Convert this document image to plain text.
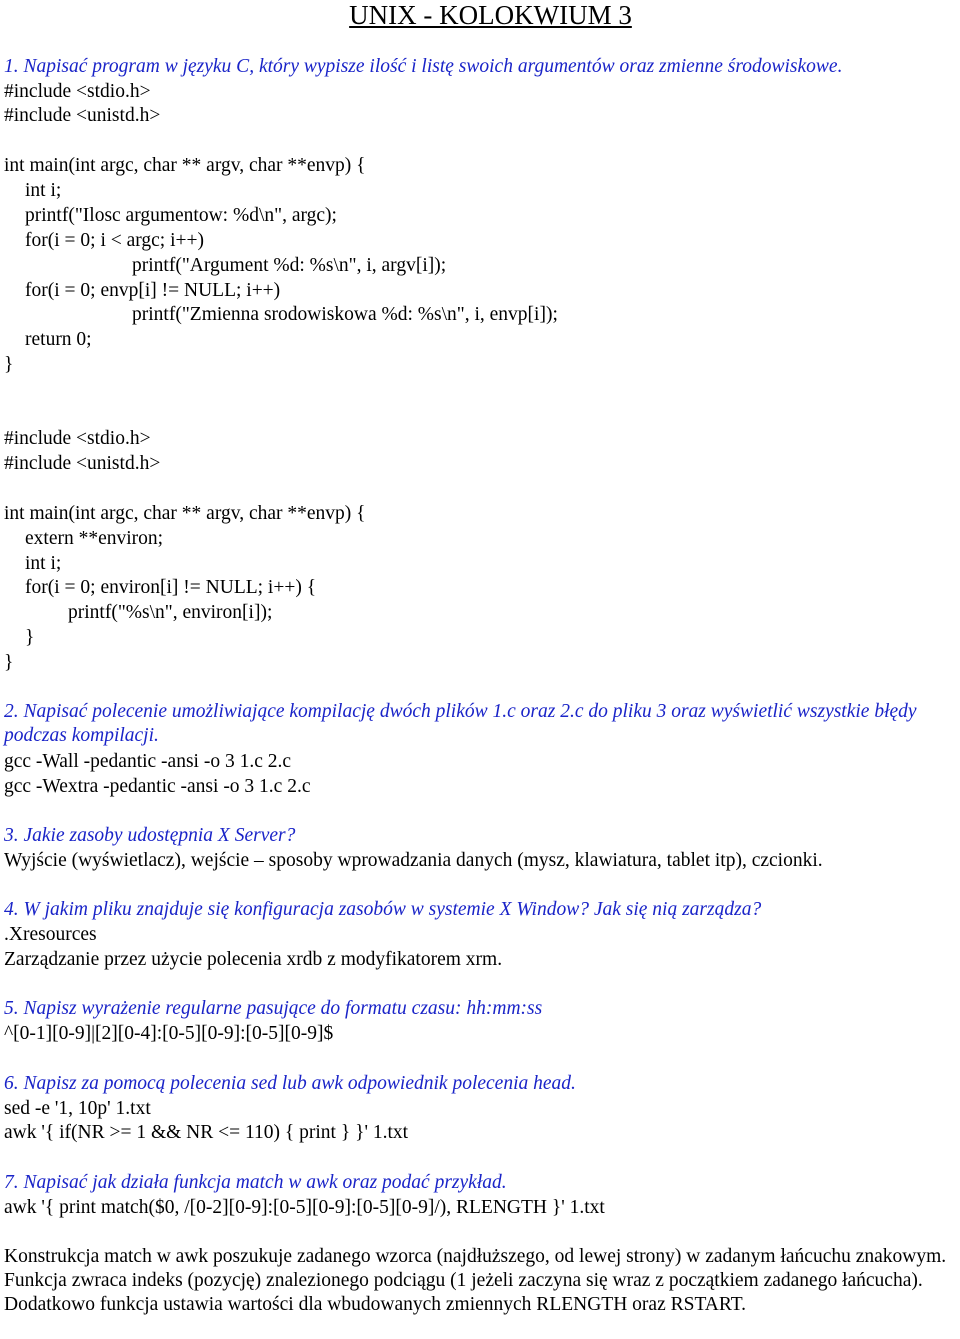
UNIX - KOLOKWIUM 3
1. Napisać program w języku C, który wypisze ilość i listę swoich argumentów oraz zmienne środowiskowe.
#include <stdio.h>
#include <unistd.h>
int main(int argc, char ** argv, char **envp) {
int i;
printf("Ilosc argumentow: %d\n", argc);
for(i = 0; i < argc; i++)
printf("Argument %d: %s\n", i, argv[i]);
for(i = 0; envp[i] != NULL; i++)
printf("Zmienna srodowiskowa %d: %s\n", i, envp[i]);
return 0;
}
#include <stdio.h>
#include <unistd.h>
int main(int argc, char ** argv, char **envp) {
extern **environ;
int i;
for(i = 0; environ[i] != NULL; i++) {
printf("%s\n", environ[i]);
}
}
2. Napisać polecenie umożliwiające kompilację dwóch plików 1.c oraz 2.c do pliku 3 oraz wyświetlić wszystkie błędy podczas kompilacji.
gcc -Wall -pedantic -ansi -o 3 1.c 2.c
gcc -Wextra -pedantic -ansi -o 3 1.c 2.c
3. Jakie zasoby udostępnia X Server?
Wyjście (wyświetlacz), wejście – sposoby wprowadzania danych (mysz, klawiatura, tablet itp), czcionki.
4. W jakim pliku znajduje się konfiguracja zasobów w systemie X Window? Jak się nią zarządza?
.Xresources
Zarządzanie przez użycie polecenia xrdb z modyfikatorem xrm.
5. Napisz wyrażenie regularne pasujące do formatu czasu: hh:mm:ss
^[0-1][0-9]|[2][0-4]:[0-5][0-9]:[0-5][0-9]$
6. Napisz za pomocą polecenia sed lub awk odpowiednik polecenia head.
sed -e '1, 10p' 1.txt
awk '{ if(NR >= 1 && NR <= 110) { print } }' 1.txt
7. Napisać jak działa funkcja match w awk oraz podać przykład.
awk '{ print match($0, /[0-2][0-9]:[0-5][0-9]:[0-5][0-9]/), RLENGTH }' 1.txt
Konstrukcja match w awk poszukuje zadanego wzorca (najdłuższego, od lewej strony) w zadanym łańcuchu znakowym. Funkcja zwraca indeks (pozycję) znalezionego podciągu (1 jeżeli zaczyna się wraz z początkiem zadanego łańcucha). Dodatkowo funkcja ustawia wartości dla wbudowanych zmiennych RLENGTH oraz RSTART.
